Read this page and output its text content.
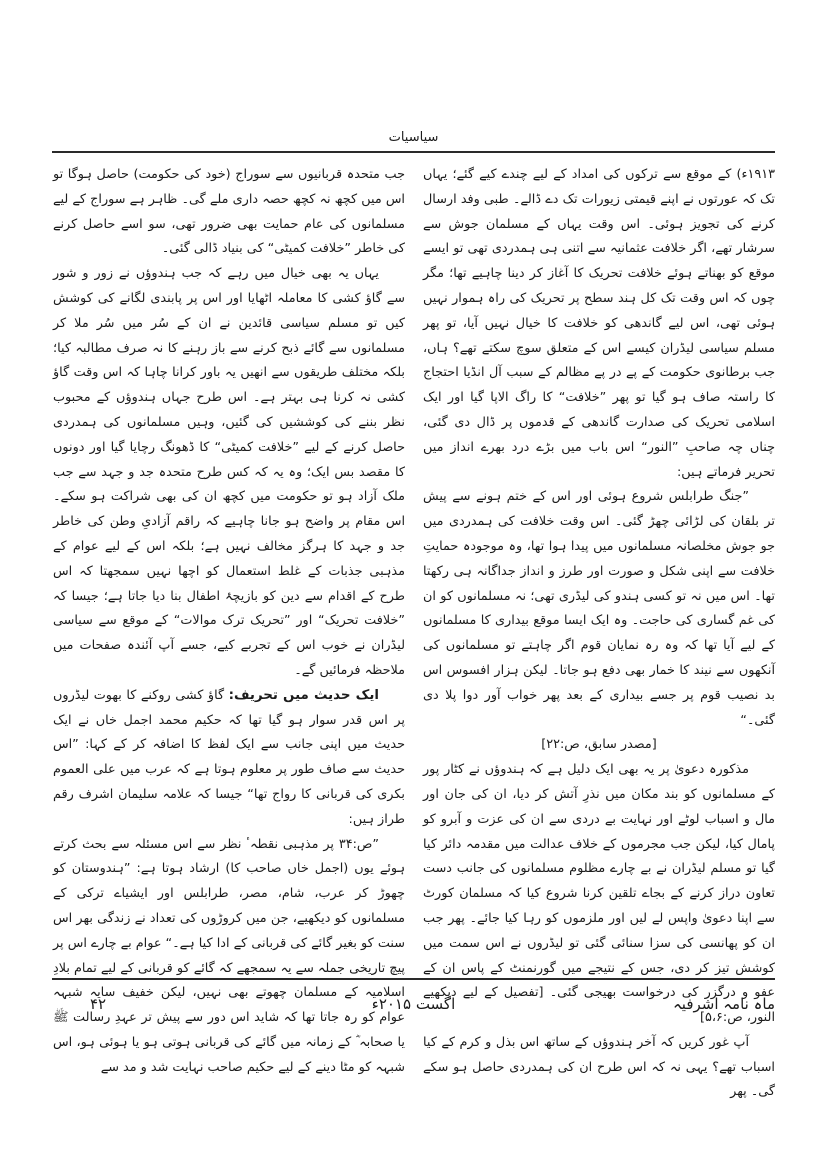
سیاسیات

۱۹۱۳ء) کے موقع سے ترکوں کی امداد کے لیے چندے کیے گئے؛ یہاں تک کہ عورتوں نے اپنے قیمتی زیورات تک دے ڈالے۔ طبی وفد ارسال کرنے کی تجویز ہوئی۔ اس وقت یہاں کے مسلمان جوش سے سرشار تھے، اگر خلافت عثمانیہ سے اتنی ہی ہمدردی تھی تو ایسے موقع کو بھناتے ہوئے خلافت تحریک کا آغاز کر دینا چاہیے تھا؛ مگر چوں کہ اس وقت تک کل ہند سطح پر تحریک کی راہ ہموار نہیں ہوئی تھی، اس لیے گاندھی کو خلافت کا خیال نہیں آیا، تو پھر مسلم سیاسی لیڈران کیسے اس کے متعلق سوچ سکتے تھے؟ ہاں، جب برطانوی حکومت کے پے در پے مظالم کے سبب آل انڈیا احتجاج کا راستہ صاف ہو گیا تو پھر ”خلافت“ کا راگ الاپا گیا اور ایک اسلامی تحریک کی صدارت گاندھی کے قدموں پر ڈال دی گئی، چناں چہ صاحبِ ”النور“ اس باب میں بڑے درد بھرے انداز میں تحریر فرماتے ہیں:

”جنگ طرابلس شروع ہوئی اور اس کے ختم ہونے سے پیش تر بلقان کی لڑائی چھڑ گئی۔ اس وقت خلافت کی ہمدردی میں جو جوش مخلصانہ مسلمانوں میں پیدا ہوا تھا، وہ موجودہ حمایتِ خلافت سے اپنی شکل و صورت اور طرز و انداز جداگانہ ہی رکھتا تھا۔ اس میں نہ تو کسی ہندو کی لیڈری تھی؛ نہ مسلمانوں کو ان کی غم گساری کی حاجت۔ وہ ایک ایسا موقع بیداری کا مسلمانوں کے لیے آیا تھا کہ وہ رہ نمایان قوم اگر چاہتے تو مسلمانوں کی آنکھوں سے نیند کا خمار بھی دفع ہو جاتا۔ لیکن ہزار افسوس اس بد نصیب قوم پر جسے بیداری کے بعد پھر خواب آور دوا پلا دی گئی۔“

[مصدر سابق، ص:۲۲]

مذکورہ دعویٰ پر یہ بھی ایک دلیل ہے کہ ہندوؤں نے کٹار پور کے مسلمانوں کو بند مکان میں نذرِ آتش کر دیا، ان کی جان اور مال و اسباب لوٹے اور نہایت بے دردی سے ان کی عزت و آبرو کو پامال کیا، لیکن جب مجرموں کے خلاف عدالت میں مقدمہ دائر کیا گیا تو مسلم لیڈران نے بے چارے مظلوم مسلمانوں کی جانب دست تعاون دراز کرنے کے بجاے تلقین کرنا شروع کیا کہ مسلمان کورٹ سے اپنا دعویٰ واپس لے لیں اور ملزموں کو رہا کیا جائے۔ پھر جب ان کو پھانسی کی سزا سنائی گئی تو لیڈروں نے اس سمت میں کوشش تیز کر دی، جس کے نتیجے میں گورنمنٹ کے پاس ان کے عفو و درگزر کی درخواست بھیجی گئی۔ [تفصیل کے لیے دیکھیے النور، ص:۵،۶]

آپ غور کریں کہ آخر ہندوؤں کے ساتھ اس بذل و کرم کے کیا اسباب تھے؟ یہی نہ کہ اس طرح ان کی ہمدردی حاصل ہو سکے گی۔ پھر

جب متحدہ قربانیوں سے سوراج (خود کی حکومت) حاصل ہوگا تو اس میں کچھ نہ کچھ حصہ داری ملے گی۔ ظاہر ہے سوراج کے لیے مسلمانوں کی عام حمایت بھی ضرور تھی، سو اسے حاصل کرنے کی خاطر ”خلافت کمیٹی“ کی بنیاد ڈالی گئی۔

یہاں یہ بھی خیال میں رہے کہ جب ہندوؤں نے زور و شور سے گاؤ کشی کا معاملہ اٹھایا اور اس پر پابندی لگانے کی کوشش کیں تو مسلم سیاسی قائدین نے ان کے سُر میں سُر ملا کر مسلمانوں سے گائے ذبح کرنے سے باز رہنے کا نہ صرف مطالبہ کیا؛ بلکہ مختلف طریقوں سے انھیں یہ باور کرانا چاہا کہ اس وقت گاؤ کشی نہ کرنا ہی بہتر ہے۔ اس طرح جہاں ہندوؤں کے محبوب نظر بننے کی کوششیں کی گئیں، وہیں مسلمانوں کی ہمدردی حاصل کرنے کے لیے ”خلافت کمیٹی“ کا ڈھونگ رچایا گیا اور دونوں کا مقصد بس ایک؛ وہ یہ کہ کس طرح متحدہ جد و جہد سے جب ملک آزاد ہو تو حکومت میں کچھ ان کی بھی شراکت ہو سکے۔ اس مقام پر واضح ہو جانا چاہیے کہ راقم آزادیِ وطن کی خاطر جد و جہد کا ہرگز مخالف نہیں ہے؛ بلکہ اس کے لیے عوام کے مذہبی جذبات کے غلط استعمال کو اچھا نہیں سمجھتا کہ اس طرح کے اقدام سے دین کو بازیچۂ اطفال بنا دیا جاتا ہے؛ جیسا کہ ”خلافت تحریک“ اور ”تحریک ترک موالات“ کے موقع سے سیاسی لیڈران نے خوب اس کے تجربے کیے، جسے آپ آئندہ صفحات میں ملاحظہ فرمائیں گے۔

ایک حدیث میں تحریف: گاؤ کشی روکنے کا بھوت لیڈروں پر اس قدر سوار ہو گیا تھا کہ حکیم محمد اجمل خاں نے ایک حدیث میں اپنی جانب سے ایک لفظ کا اضافہ کر کے کہا: ”اس حدیث سے صاف طور پر معلوم ہوتا ہے کہ عرب میں علی العموم بکری کی قربانی کا رواج تھا“ جیسا کہ علامہ سلیمان اشرف رقم طراز ہیں:

”ص:۳۴ پر مذہبی نقطہٴ نظر سے اس مسئلہ سے بحث کرتے ہوئے یوں (اجمل خاں صاحب کا) ارشاد ہوتا ہے: ”ہندوستان کو چھوڑ کر عرب، شام، مصر، طرابلس اور ایشیاے ترکی کے مسلمانوں کو دیکھیے، جن میں کروڑوں کی تعداد نے زندگی بھر اس سنت کو بغیر گائے کی قربانی کے ادا کیا ہے۔“ عوام بے چارے اس پر پیچ تاریخی جملہ سے یہ سمجھے کہ گائے کو قربانی کے لیے تمام بلادِ اسلامیہ کے مسلمان چھوتے بھی نہیں، لیکن خفیف سایہ شبہہ عوام کو رہ جاتا تھا کہ شاید اس دور سے پیش تر عہدِ رسالت ﷺ یا صحابہ ؓ کے زمانہ میں گائے کی قربانی ہوتی ہو یا ہوئی ہو، اس شبہہ کو مٹا دینے کے لیے حکیم صاحب نہایت شد و مد سے

ماہ نامہ اشرفیہ
اگست ۲۰۱۵ء
۴۲
